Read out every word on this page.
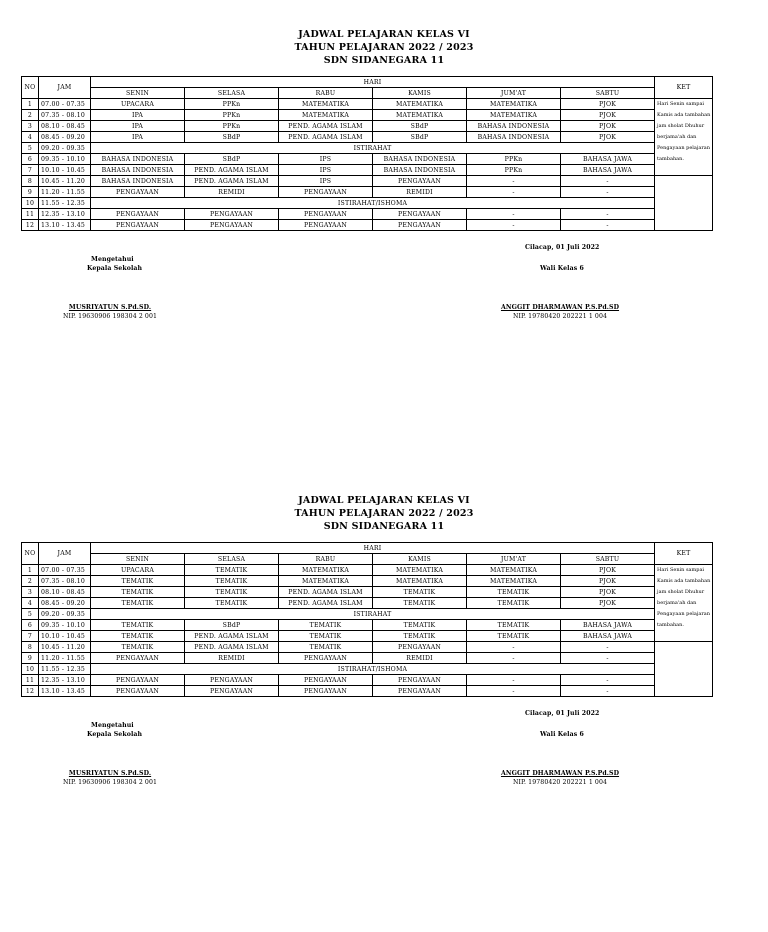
JADWAL PELAJARAN KELAS VI
TAHUN PELAJARAN 2022 / 2023
SDN SIDANEGARA 11
NO	JAM	HARI						KET
		SENIN	SELASA	RABU	KAMIS	JUM'AT	SABTU	
1	07.00 - 07.35	UPACARA	PPKn	MATEMATIKA	MATEMATIKA	MATEMATIKA	PJOK	Hari Senin sampai Kamis ada tambahan jam sholat Dhuhur berjama'ah dan Pengayaan pelajaran tambahan.
2	07.35 - 08.10	IPA	PPKn	MATEMATIKA	MATEMATIKA	MATEMATIKA	PJOK	
3	08.10 - 08.45	IPA	PPKn	PEND. AGAMA ISLAM	SBdP	BAHASA INDONESIA	PJOK	
4	08.45 - 09.20	IPA	SBdP	PEND. AGAMA ISLAM	SBdP	BAHASA INDONESIA	PJOK	
5	09.20 - 09.35	ISTIRAHAT						
6	09.35 - 10.10	BAHASA INDONESIA	SBdP	IPS	BAHASA INDONESIA	PPKn	BAHASA JAWA	
7	10.10 - 10.45	BAHASA INDONESIA	PEND. AGAMA ISLAM	IPS	BAHASA INDONESIA	PPKn	BAHASA JAWA	
8	10.45 - 11.20	BAHASA INDONESIA	PEND. AGAMA ISLAM	IPS	PENGAYAAN	-	-	
9	11.20 - 11.55	PENGAYAAN	REMIDI	PENGAYAAN	REMIDI	-	-	
10	11.55 - 12.35	ISTIRAHAT/ISHOMA						
11	12.35 - 13.10	PENGAYAAN	PENGAYAAN	PENGAYAAN	PENGAYAAN	-	-	
12	13.10 - 13.45	PENGAYAAN	PENGAYAAN	PENGAYAAN	PENGAYAAN	-	-	
Cilacap, 01 Juli 2022
Mengetahui
Kepala Sekolah	Wali Kelas 6
MUSRIYATUN S.Pd.SD.
NIP. 19630906 198304 2 001
ANGGIT DHARMAWAN P.S.Pd.SD
NIP. 19780420 202221 1 004
JADWAL PELAJARAN KELAS VI
TAHUN PELAJARAN 2022 / 2023
SDN SIDANEGARA 11
NO	JAM	HARI						KET
		SENIN	SELASA	RABU	KAMIS	JUM'AT	SABTU	
1	07.00 - 07.35	UPACARA	TEMATIK	MATEMATIKA	MATEMATIKA	MATEMATIKA	PJOK	Hari Senin sampai Kamis ada tambahan jam sholat Dhuhur berjama'ah dan Pengayaan pelajaran tambahan.
2	07.35 - 08.10	TEMATIK	TEMATIK	MATEMATIKA	MATEMATIKA	MATEMATIKA	PJOK	
3	08.10 - 08.45	TEMATIK	TEMATIK	PEND. AGAMA ISLAM	TEMATIK	TEMATIK	PJOK	
4	08.45 - 09.20	TEMATIK	TEMATIK	PEND. AGAMA ISLAM	TEMATIK	TEMATIK	PJOK	
5	09.20 - 09.35	ISTIRAHAT						
6	09.35 - 10.10	TEMATIK	SBdP	TEMATIK	TEMATIK	TEMATIK	BAHASA JAWA	
7	10.10 - 10.45	TEMATIK	PEND. AGAMA ISLAM	TEMATIK	TEMATIK	TEMATIK	BAHASA JAWA	
8	10.45 - 11.20	TEMATIK	PEND. AGAMA ISLAM	TEMATIK	PENGAYAAN	-	-	
9	11.20 - 11.55	PENGAYAAN	REMIDI	PENGAYAAN	REMIDI	-	-	
10	11.55 - 12.35	ISTIRAHAT/ISHOMA						
11	12.35 - 13.10	PENGAYAAN	PENGAYAAN	PENGAYAAN	PENGAYAAN	-	-	
12	13.10 - 13.45	PENGAYAAN	PENGAYAAN	PENGAYAAN	PENGAYAAN	-	-	
Cilacap, 01 Juli 2022
Mengetahui
Kepala Sekolah	Wali Kelas 6
MUSRIYATUN S.Pd.SD.
NIP. 19630906 198304 2 001
ANGGIT DHARMAWAN P.S.Pd.SD
NIP. 19780420 202221 1 004
